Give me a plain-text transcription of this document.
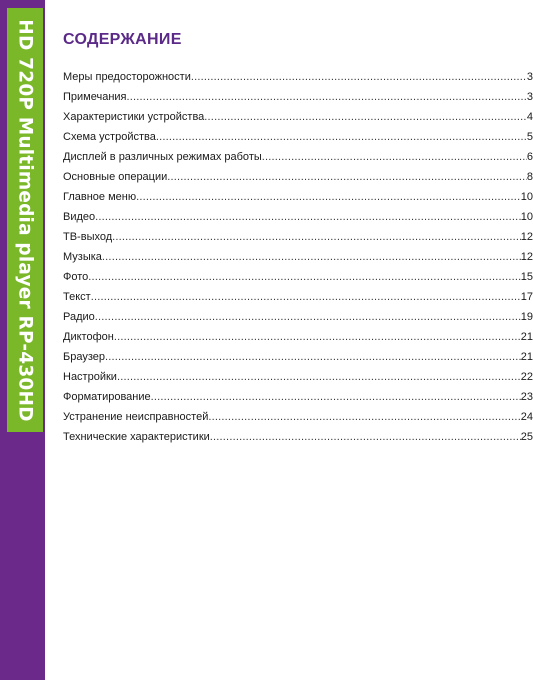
HD 720P Multimedia player RP-430HD СОДЕРЖАНИЕ
Меры предосторожности .....	3
Примечания .....	3
Характеристики устройства .....	4
Схема устройства .....	5
Дисплей в различных режимах работы .....	6
Основные операции .....	8
Главное меню .....	10
Видео .....	10
ТВ-выход .....	12
Музыка .....	12
Фото .....	15
Текст .....	17
Радио .....	19
Диктофон .....	21
Браузер .....	21
Настройки .....	22
Форматирование .....	23
Устранение неисправностей .....	24
Технические характеристики .....	25
